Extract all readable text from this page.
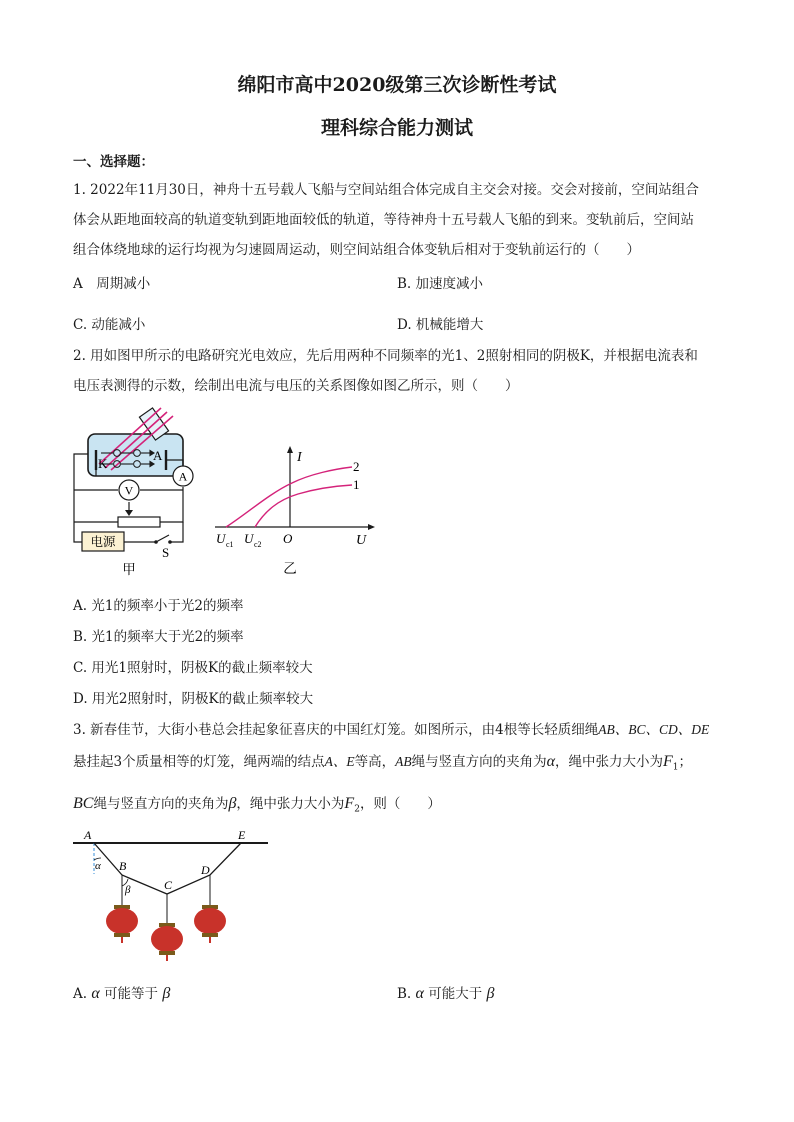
绵阳市高中2020级第三次诊断性考试
理科综合能力测试
一、选择题：
1. 2022年11月30日，神舟十五号载人飞船与空间站组合体完成自主交会对接。交会对接前，空间站组合
体会从距地面较高的轨道变轨到距地面较低的轨道，等待神舟十五号载人飞船的到来。变轨前后，空间站
组合体绕地球的运行均视为匀速圆周运动，则空间站组合体变轨后相对于变轨前运行的（　　）
A　周期减小	B. 加速度减小
C. 动能减小	D. 机械能增大
2. 用如图甲所示的电路研究光电效应，先后用两种不同频率的光1、2照射相同的阴极K，并根据电流表和
电压表测得的示数，绘制出电流与电压的关系图像如图乙所示，则（　　）
K
A
A
V
电源
S
甲
I
U
O
2
1
U c1 U c2
乙
A. 光1的频率小于光2的频率
B. 光1的频率大于光2的频率
C. 用光1照射时，阴极K的截止频率较大
D. 用光2照射时，阴极K的截止频率较大
3. 新春佳节，大街小巷总会挂起象征喜庆的中国红灯笼。如图所示，由4根等长轻质细绳AB、BC、CD、DE
悬挂起3个质量相等的灯笼，绳两端的结点A、E等高，AB绳与竖直方向的夹角为α，绳中张力大小为$F_1$；
BC绳与竖直方向的夹角为β，绳中张力大小为$F_2$，则（　　）
A	E
B
C
D
α
β
A. α 可能等于 β	B. α 可能大于 β
